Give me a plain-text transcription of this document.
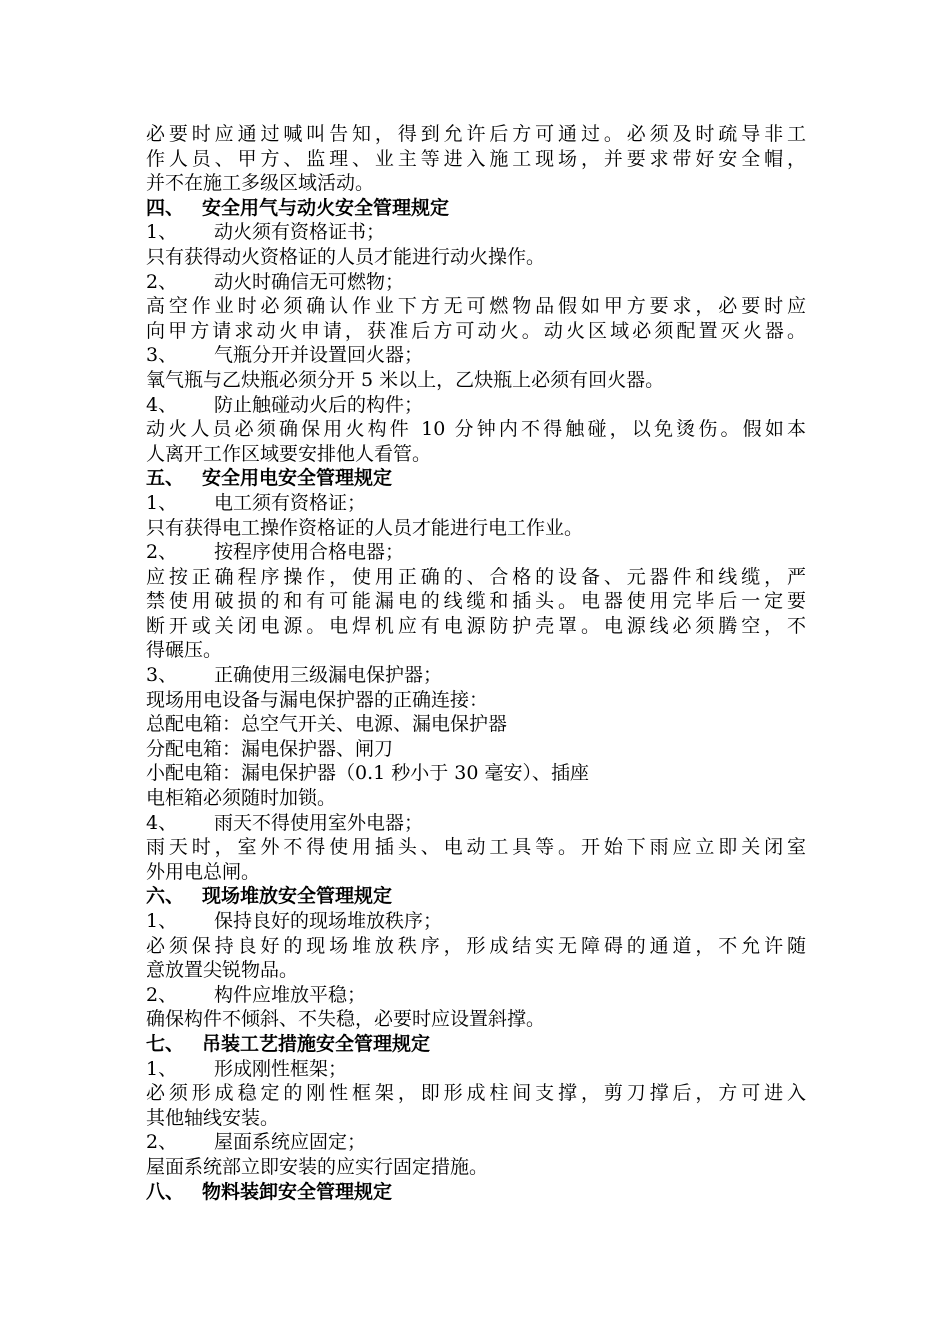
必要时应通过喊叫告知，得到允许后方可通过。必须及时疏导非工
作人员、甲方、监理、业主等进入施工现场，并要求带好安全帽，
并不在施工多级区域活动。
四、 安全用气与动火安全管理规定
1、 动火须有资格证书；
只有获得动火资格证的人员才能进行动火操作。
2、 动火时确信无可燃物；
高空作业时必须确认作业下方无可燃物品假如甲方要求，必要时应
向甲方请求动火申请，获准后方可动火。动火区域必须配置灭火器。
3、 气瓶分开并设置回火器；
氧气瓶与乙炔瓶必须分开 5 米以上，乙炔瓶上必须有回火器。
4、 防止触碰动火后的构件；
动火人员必须确保用火构件 10 分钟内不得触碰，以免烫伤。假如本
人离开工作区域要安排他人看管。
五、 安全用电安全管理规定
1、 电工须有资格证；
只有获得电工操作资格证的人员才能进行电工作业。
2、 按程序使用合格电器；
应按正确程序操作，使用正确的、合格的设备、元器件和线缆，严
禁使用破损的和有可能漏电的线缆和插头。电器使用完毕后一定要
断开或关闭电源。电焊机应有电源防护壳罩。电源线必须腾空，不
得碾压。
3、 正确使用三级漏电保护器；
现场用电设备与漏电保护器的正确连接：
总配电箱：总空气开关、电源、漏电保护器
分配电箱：漏电保护器、闸刀
小配电箱：漏电保护器（0.1 秒小于 30 毫安）、插座
电柜箱必须随时加锁。
4、 雨天不得使用室外电器；
雨天时，室外不得使用插头、电动工具等。开始下雨应立即关闭室
外用电总闸。
六、 现场堆放安全管理规定
1、 保持良好的现场堆放秩序；
必须保持良好的现场堆放秩序，形成结实无障碍的通道，不允许随
意放置尖锐物品。
2、 构件应堆放平稳；
确保构件不倾斜、不失稳，必要时应设置斜撑。
七、 吊装工艺措施安全管理规定
1、 形成刚性框架；
必须形成稳定的刚性框架，即形成柱间支撑，剪刀撑后，方可进入
其他轴线安装。
2、 屋面系统应固定；
屋面系统部立即安装的应实行固定措施。
八、 物料装卸安全管理规定
